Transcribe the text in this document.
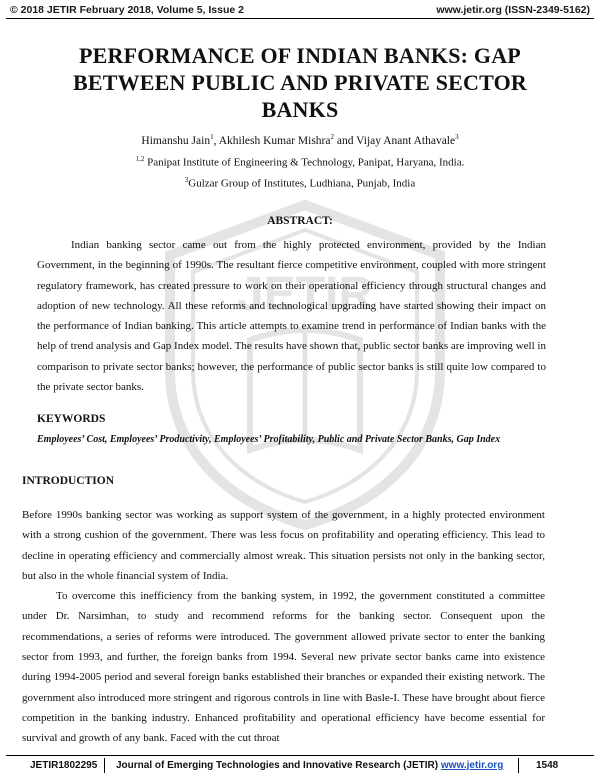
© 2018 JETIR February 2018, Volume 5, Issue 2	www.jetir.org (ISSN-2349-5162)
JETIR
PERFORMANCE OF INDIAN BANKS: GAP BETWEEN PUBLIC AND PRIVATE SECTOR BANKS
Himanshu Jain$^1$, Akhilesh Kumar Mishra$^2$ and Vijay Anant Athavale$^3$
$^{1,2}$ Panipat Institute of Engineering & Technology, Panipat, Haryana, India.
$^3$Gulzar Group of Institutes, Ludhiana, Punjab, India
ABSTRACT:
Indian banking sector came out from the highly protected environment, provided by the Indian Government, in the beginning of 1990s. The resultant fierce competitive environment, coupled with more stringent regulatory framework, has created pressure to work on their operational efficiency through structural changes and adoption of new technology. All these reforms and technological upgrading have started showing their impact on the performance of Indian banking. This article attempts to examine trend in performance of Indian banks with the help of trend analysis and Gap Index model. The results have shown that, public sector banks are improving well in comparison to private sector banks; however, the performance of public sector banks is still quite low compared to the private sector banks.
KEYWORDS
Employees’ Cost, Employees’ Productivity, Employees’ Profitability, Public and Private Sector Banks, Gap Index
INTRODUCTION

Before 1990s banking sector was working as support system of the government, in a highly protected environment with a strong cushion of the government. There was less focus on profitability and operating efficiency. This lead to decline in operating efficiency and commercially almost wreak. This situation persists not only in the banking sector, but also in the whole financial system of India.

To overcome this inefficiency from the banking system, in 1992, the government constituted a committee under Dr. Narsimhan, to study and recommend reforms for the banking sector. Consequent upon the recommendations, a series of reforms were introduced. The government allowed private sector to enter the banking sector from 1993, and further, the foreign banks from 1994. Several new private sector banks came into existence during 1994-2005 period and several foreign banks established their branches or expanded their existing network. The government also introduced more stringent and rigorous controls in line with Basle-I. These have brought about fierce competition in the banking industry. Enhanced profitability and operational efficiency have become essential for survival and growth of any bank. Faced with the cut throat

JETIR1802295 Journal of Emerging Technologies and Innovative Research (JETIR) www.jetir.org	1548
